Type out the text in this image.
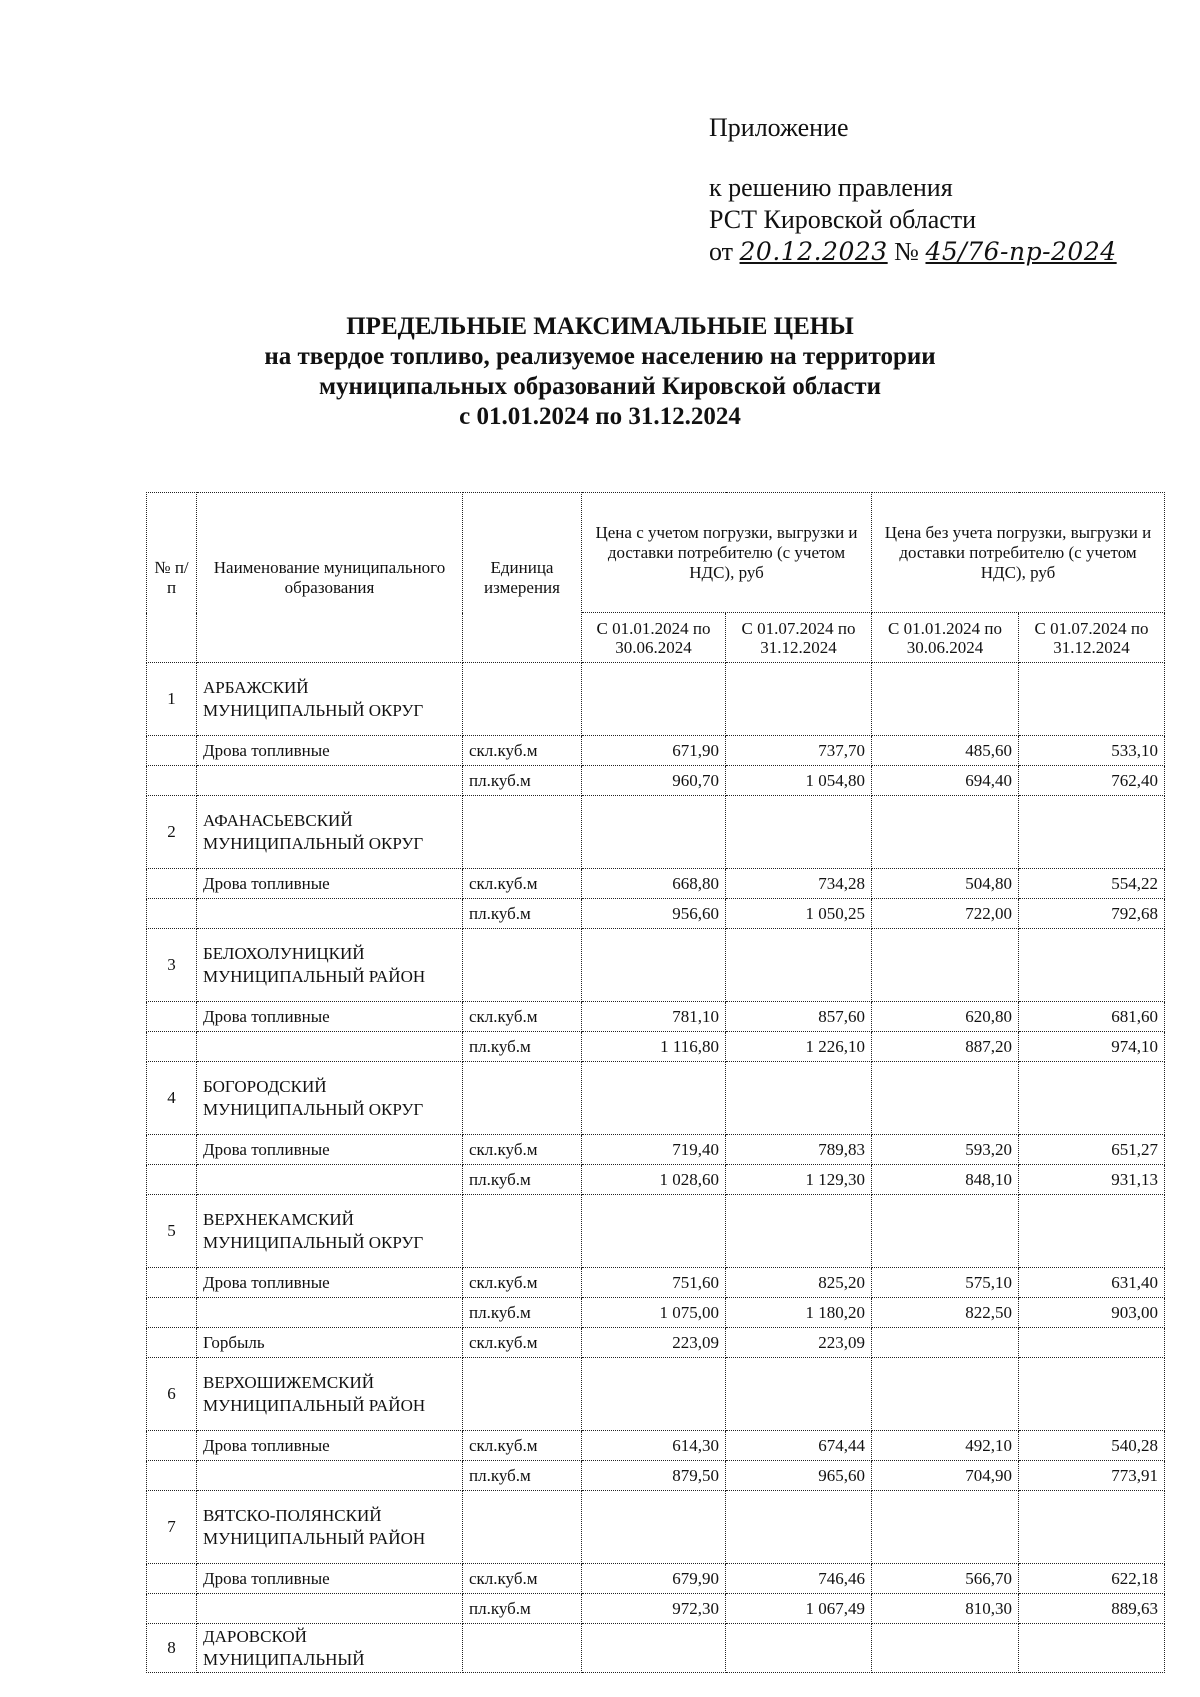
Приложение
к решению правления
РСТ Кировской области
от 20.12.2023 № 45/76-пр-2024
ПРЕДЕЛЬНЫЕ МАКСИМАЛЬНЫЕ ЦЕНЫ
на твердое топливо, реализуемое населению на территории
муниципальных образований Кировской области
с 01.01.2024 по 31.12.2024
№ п/п	Наименование муниципального образования	Единица измерения	Цена с учетом погрузки, выгрузки и доставки потребителю (с учетом НДС), руб		Цена без учета погрузки, выгрузки и доставки потребителю (с учетом НДС), руб	
			С 01.01.2024 по 30.06.2024	С 01.07.2024 по 31.12.2024	С 01.01.2024 по 30.06.2024	С 01.07.2024 по 31.12.2024
1	АРБАЖСКИЙ МУНИЦИПАЛЬНЫЙ ОКРУГ					
	Дрова топливные	скл.куб.м	671,90	737,70	485,60	533,10
		пл.куб.м	960,70	1 054,80	694,40	762,40
2	АФАНАСЬЕВСКИЙ МУНИЦИПАЛЬНЫЙ ОКРУГ					
	Дрова топливные	скл.куб.м	668,80	734,28	504,80	554,22
		пл.куб.м	956,60	1 050,25	722,00	792,68
3	БЕЛОХОЛУНИЦКИЙ МУНИЦИПАЛЬНЫЙ РАЙОН					
	Дрова топливные	скл.куб.м	781,10	857,60	620,80	681,60
		пл.куб.м	1 116,80	1 226,10	887,20	974,10
4	БОГОРОДСКИЙ МУНИЦИПАЛЬНЫЙ ОКРУГ					
	Дрова топливные	скл.куб.м	719,40	789,83	593,20	651,27
		пл.куб.м	1 028,60	1 129,30	848,10	931,13
5	ВЕРХНЕКАМСКИЙ МУНИЦИПАЛЬНЫЙ ОКРУГ					
	Дрова топливные	скл.куб.м	751,60	825,20	575,10	631,40
		пл.куб.м	1 075,00	1 180,20	822,50	903,00
	Горбыль	скл.куб.м	223,09	223,09		
6	ВЕРХОШИЖЕМСКИЙ МУНИЦИПАЛЬНЫЙ РАЙОН					
	Дрова топливные	скл.куб.м	614,30	674,44	492,10	540,28
		пл.куб.м	879,50	965,60	704,90	773,91
7	ВЯТСКО-ПОЛЯНСКИЙ МУНИЦИПАЛЬНЫЙ РАЙОН					
	Дрова топливные	скл.куб.м	679,90	746,46	566,70	622,18
		пл.куб.м	972,30	1 067,49	810,30	889,63
8	ДАРОВСКОЙ МУНИЦИПАЛЬНЫЙ					
